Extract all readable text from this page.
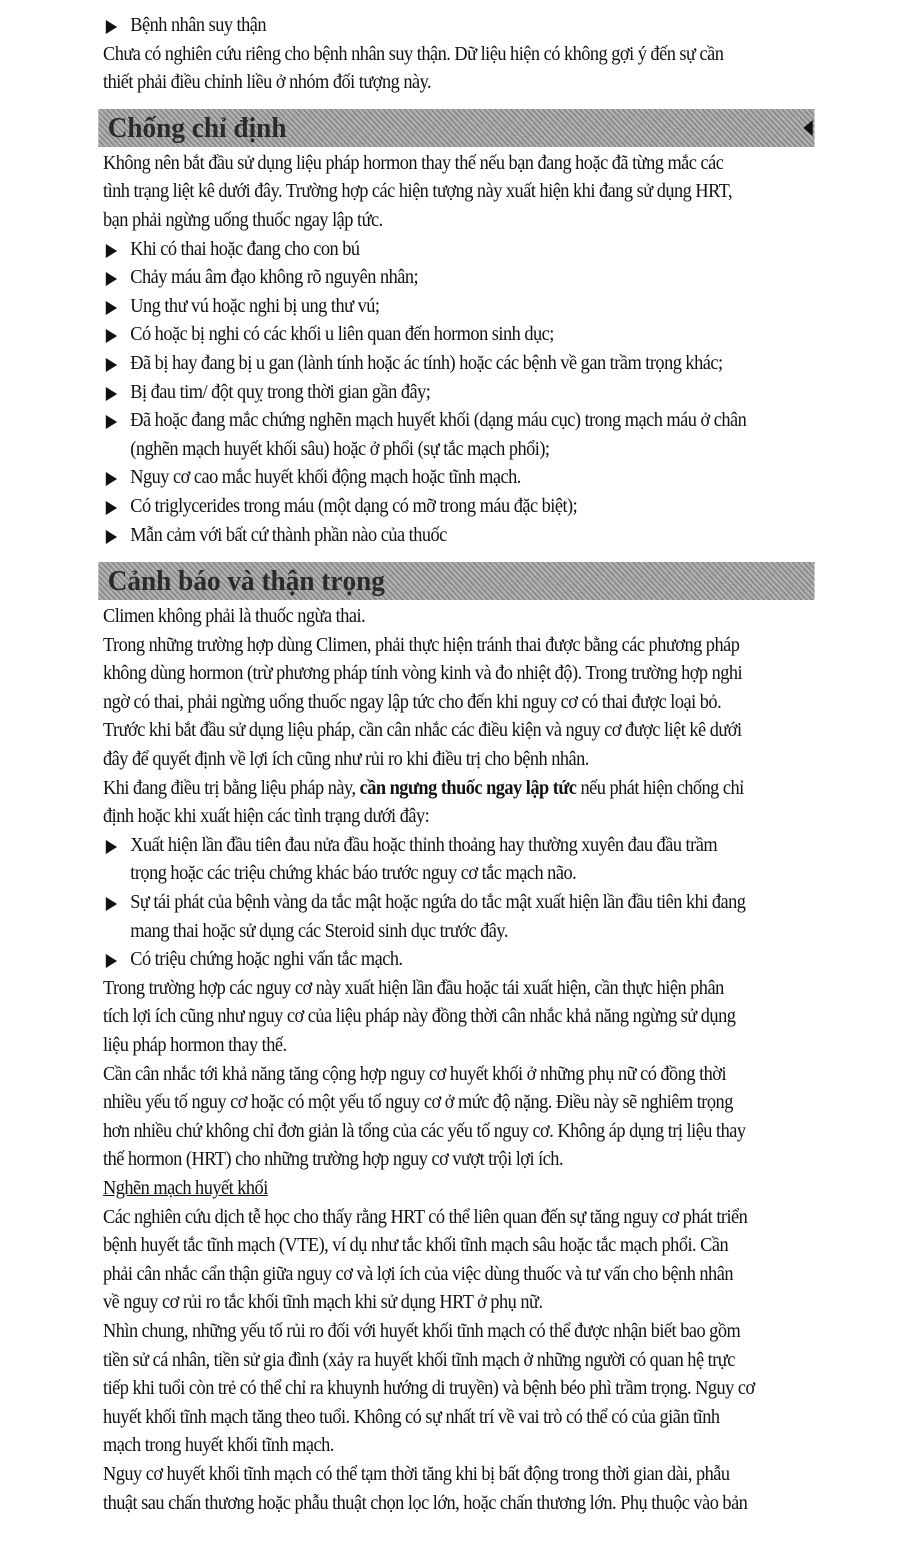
Bệnh nhân suy thận

Chưa có nghiên cứu riêng cho bệnh nhân suy thận. Dữ liệu hiện có không gợi ý đến sự cần

thiết phải điều chỉnh liều ở nhóm đối tượng này.

Chống chỉ định

Không nên bắt đầu sử dụng liệu pháp hormon thay thế nếu bạn đang hoặc đã từng mắc các

tình trạng liệt kê dưới đây. Trường hợp các hiện tượng này xuất hiện khi đang sử dụng HRT,

bạn phải ngừng uống thuốc ngay lập tức.

Khi có thai hoặc đang cho con bú

Chảy máu âm đạo không rõ nguyên nhân;

Ung thư vú hoặc nghi bị ung thư vú;

Có hoặc bị nghi có các khối u liên quan đến hormon sinh dục;

Đã bị hay đang bị u gan (lành tính hoặc ác tính) hoặc các bệnh về gan trầm trọng khác;

Bị đau tim/ đột quỵ trong thời gian gần đây;

Đã hoặc đang mắc chứng nghẽn mạch huyết khối (dạng máu cục) trong mạch máu ở chân

(nghẽn mạch huyết khối sâu) hoặc ở phổi (sự tắc mạch phổi);

Nguy cơ cao mắc huyết khối động mạch hoặc tĩnh mạch.

Có triglycerides trong máu (một dạng có mỡ trong máu đặc biệt);

Mẫn cảm với bất cứ thành phần nào của thuốc

Cảnh báo và thận trọng

Climen không phải là thuốc ngừa thai.

Trong những trường hợp dùng Climen, phải thực hiện tránh thai được bằng các phương pháp

không dùng hormon (trừ phương pháp tính vòng kinh và đo nhiệt độ). Trong trường hợp nghi

ngờ có thai, phải ngừng uống thuốc ngay lập tức cho đến khi nguy cơ có thai được loại bỏ.

Trước khi bắt đầu sử dụng liệu pháp, cần cân nhắc các điều kiện và nguy cơ được liệt kê dưới

đây để quyết định về lợi ích cũng như rủi ro khi điều trị cho bệnh nhân.

Khi đang điều trị bằng liệu pháp này, cần ngưng thuốc ngay lập tức nếu phát hiện chống chỉ

định hoặc khi xuất hiện các tình trạng dưới đây:

Xuất hiện lần đầu tiên đau nửa đầu hoặc thỉnh thoảng hay thường xuyên đau đầu trầm

trọng hoặc các triệu chứng khác báo trước nguy cơ tắc mạch não.

Sự tái phát của bệnh vàng da tắc mật hoặc ngứa do tắc mật xuất hiện lần đầu tiên khi đang

mang thai hoặc sử dụng các Steroid sinh dục trước đây.

Có triệu chứng hoặc nghi vấn tắc mạch.

Trong trường hợp các nguy cơ này xuất hiện lần đầu hoặc tái xuất hiện, cần thực hiện phân

tích lợi ích cũng như nguy cơ của liệu pháp này đồng thời cân nhắc khả năng ngừng sử dụng

liệu pháp hormon thay thế.

Cần cân nhắc tới khả năng tăng cộng hợp nguy cơ huyết khối ở những phụ nữ có đồng thời

nhiều yếu tố nguy cơ hoặc có một yếu tố nguy cơ ở mức độ nặng. Điều này sẽ nghiêm trọng

hơn nhiều chứ không chỉ đơn giản là tổng của các yếu tố nguy cơ. Không áp dụng trị liệu thay

thế hormon (HRT) cho những trường hợp nguy cơ vượt trội lợi ích.

Nghẽn mạch huyết khối

Các nghiên cứu dịch tễ học cho thấy rằng HRT có thể liên quan đến sự tăng nguy cơ phát triển

bệnh huyết tắc tĩnh mạch (VTE), ví dụ như tắc khối tĩnh mạch sâu hoặc tắc mạch phổi. Cần

phải cân nhắc cẩn thận giữa nguy cơ và lợi ích của việc dùng thuốc và tư vấn cho bệnh nhân

về nguy cơ rủi ro tắc khối tĩnh mạch khi sử dụng HRT ở phụ nữ.

Nhìn chung, những yếu tố rủi ro đối với huyết khối tĩnh mạch có thể được nhận biết bao gồm

tiền sử cá nhân, tiền sử gia đình (xảy ra huyết khối tĩnh mạch ở những người có quan hệ trực

tiếp khi tuổi còn trẻ có thể chỉ ra khuynh hướng di truyền) và bệnh béo phì trầm trọng. Nguy cơ

huyết khối tĩnh mạch tăng theo tuổi. Không có sự nhất trí về vai trò có thể có của giãn tĩnh

mạch trong huyết khối tĩnh mạch.

Nguy cơ huyết khối tĩnh mạch có thể tạm thời tăng khi bị bất động trong thời gian dài, phẫu

thuật sau chấn thương hoặc phẫu thuật chọn lọc lớn, hoặc chấn thương lớn. Phụ thuộc vào bản
